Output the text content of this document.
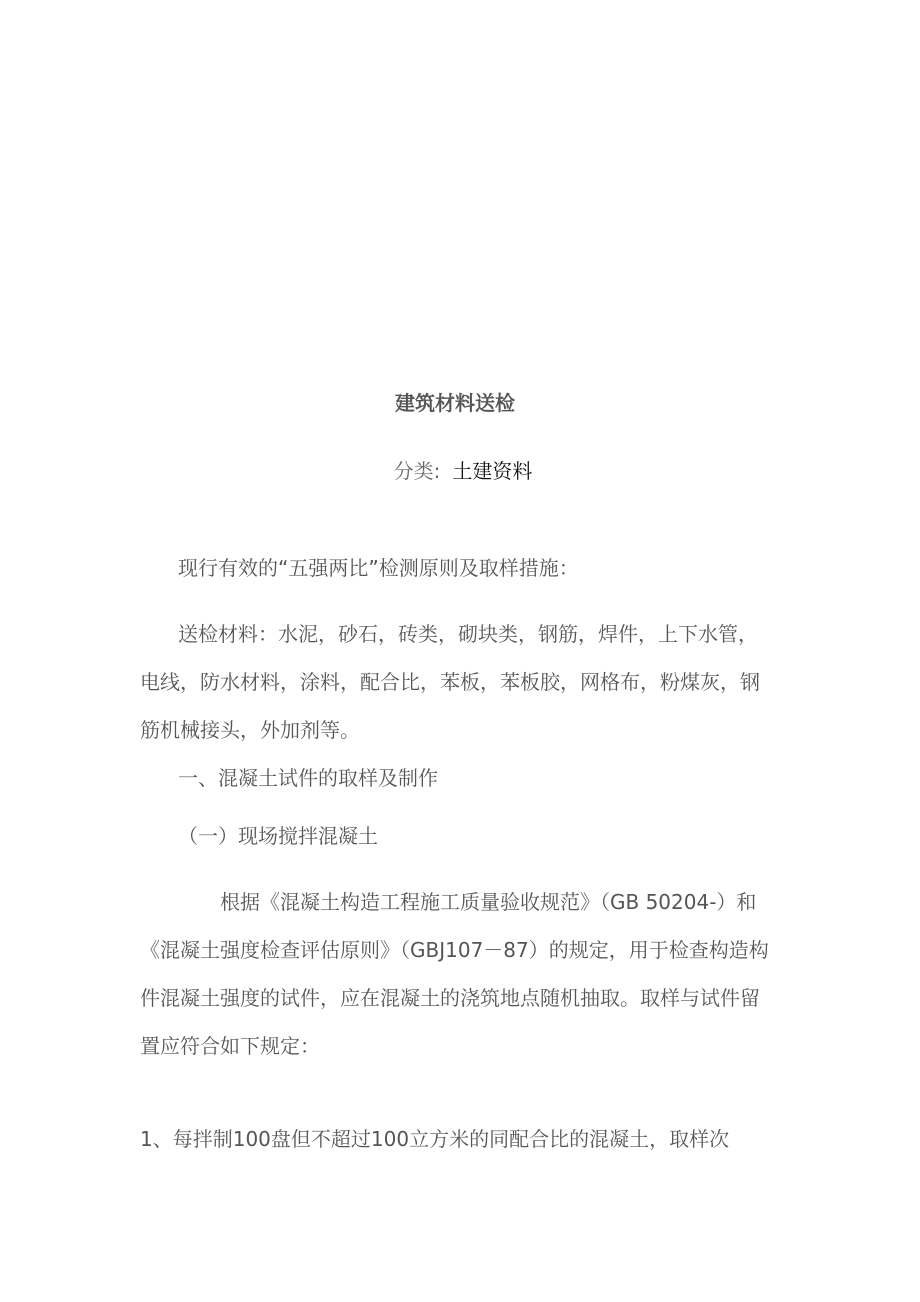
建筑材料送检
分类: 土建资料
现行有效的“五强两比”检测原则及取样措施：
送检材料：水泥，砂石，砖类，砌块类，钢筋，焊件，上下水管，电线，防水材料，涂料，配合比，苯板，苯板胶，网格布，粉煤灰，钢筋机械接头，外加剂等。
一、混凝土试件的取样及制作
（一）现场搅拌混凝土
根据《混凝土构造工程施工质量验收规范》（GB 50204-）和《混凝土强度检查评估原则》（GBJ107－87）的规定，用于检查构造构件混凝土强度的试件，应在混凝土的浇筑地点随机抽取。取样与试件留置应符合如下规定：
1、每拌制100盘但不超过100立方米的同配合比的混凝土，取样次
